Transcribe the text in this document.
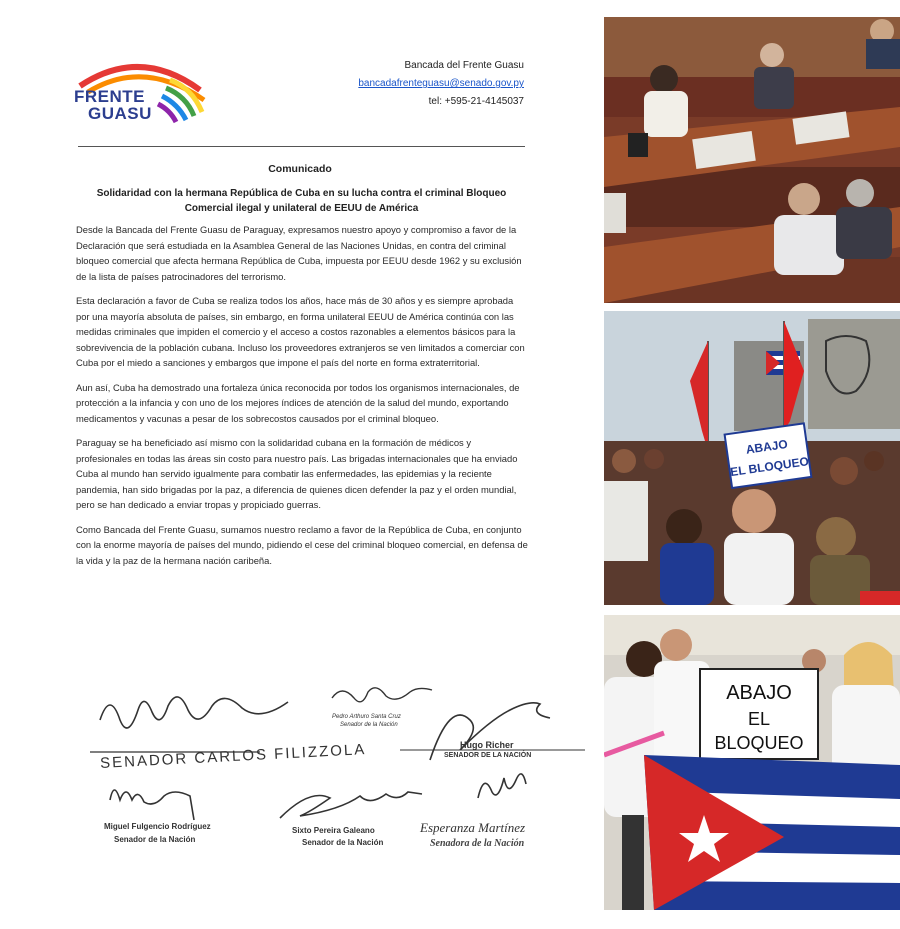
FRENTE
GUASU
Bancada del Frente Guasu
bancadafrenteguasu@senado.gov.py
tel: +595-21-4145037
Comunicado
Solidaridad con la hermana República de Cuba en su lucha contra el criminal Bloqueo Comercial ilegal y unilateral de EEUU de América

Desde la Bancada del Frente Guasu de Paraguay, expresamos nuestro apoyo y compromiso a favor de la Declaración que será estudiada en la Asamblea General de las Naciones Unidas, en contra del criminal bloqueo comercial que afecta hermana República de Cuba, impuesta por EEUU desde 1962 y su exclusión de la lista de países patrocinadores del terrorismo.

Esta declaración a favor de Cuba se realiza todos los años, hace más de 30 años y es siempre aprobada por una mayoría absoluta de países, sin embargo, en forma unilateral EEUU de América continúa con las medidas criminales que impiden el comercio y el acceso a costos razonables a elementos básicos para la sobrevivencia de la población cubana. Incluso los proveedores extranjeros se ven limitados a comerciar con Cuba por el miedo a sanciones y embargos que impone el país del norte en forma extraterritorial.

Aun así, Cuba ha demostrado una fortaleza única reconocida por todos los organismos internacionales, de protección a la infancia y con uno de los mejores índices de atención de la salud del mundo, exportando medicamentos y vacunas a pesar de los sobrecostos causados por el criminal bloqueo.

Paraguay se ha beneficiado así mismo con la solidaridad cubana en la formación de médicos y profesionales en todas las áreas sin costo para nuestro país. Las brigadas internacionales que ha enviado Cuba al mundo han servido igualmente para combatir las enfermedades, las epidemias y la reciente pandemia, han sido brigadas por la paz, a diferencia de quienes dicen defender la paz y el orden mundial, pero se han dedicado a enviar tropas y propiciado guerras.

Como Bancada del Frente Guasu, sumamos nuestro reclamo a favor de la República de Cuba, en conjunto con la enorme mayoría de países del mundo, pidiendo el cese del criminal bloqueo comercial, en defensa de la vida y la paz de la hermana nación caribeña.

SENADOR CARLOS FILIZZOLA
Pedro Arthuro Santa Cruz
Senador de la Nación
Hugo Richer
SENADOR DE LA NACIÓN
Miguel Fulgencio Rodríguez
Senador de la Nación
Sixto Pereira Galeano
Senador de la Nación
Esperanza Martínez
Senadora de la Nación
ABAJO
EL BLOQUEO
ABAJO
EL
BLOQUEO
